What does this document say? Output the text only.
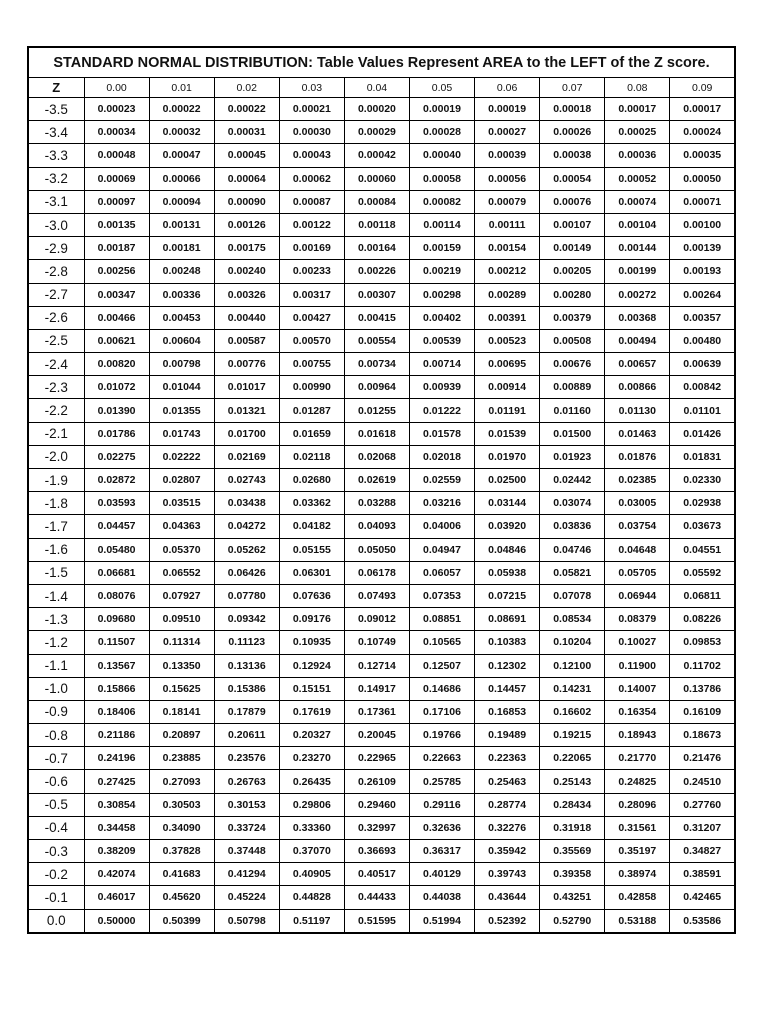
STANDARD NORMAL DISTRIBUTION: Table Values Represent AREA to the LEFT of the Z score.										
Z	0.00	0.01	0.02	0.03	0.04	0.05	0.06	0.07	0.08	0.09
-3.5	0.00023	0.00022	0.00022	0.00021	0.00020	0.00019	0.00019	0.00018	0.00017	0.00017
-3.4	0.00034	0.00032	0.00031	0.00030	0.00029	0.00028	0.00027	0.00026	0.00025	0.00024
-3.3	0.00048	0.00047	0.00045	0.00043	0.00042	0.00040	0.00039	0.00038	0.00036	0.00035
-3.2	0.00069	0.00066	0.00064	0.00062	0.00060	0.00058	0.00056	0.00054	0.00052	0.00050
-3.1	0.00097	0.00094	0.00090	0.00087	0.00084	0.00082	0.00079	0.00076	0.00074	0.00071
-3.0	0.00135	0.00131	0.00126	0.00122	0.00118	0.00114	0.00111	0.00107	0.00104	0.00100
-2.9	0.00187	0.00181	0.00175	0.00169	0.00164	0.00159	0.00154	0.00149	0.00144	0.00139
-2.8	0.00256	0.00248	0.00240	0.00233	0.00226	0.00219	0.00212	0.00205	0.00199	0.00193
-2.7	0.00347	0.00336	0.00326	0.00317	0.00307	0.00298	0.00289	0.00280	0.00272	0.00264
-2.6	0.00466	0.00453	0.00440	0.00427	0.00415	0.00402	0.00391	0.00379	0.00368	0.00357
-2.5	0.00621	0.00604	0.00587	0.00570	0.00554	0.00539	0.00523	0.00508	0.00494	0.00480
-2.4	0.00820	0.00798	0.00776	0.00755	0.00734	0.00714	0.00695	0.00676	0.00657	0.00639
-2.3	0.01072	0.01044	0.01017	0.00990	0.00964	0.00939	0.00914	0.00889	0.00866	0.00842
-2.2	0.01390	0.01355	0.01321	0.01287	0.01255	0.01222	0.01191	0.01160	0.01130	0.01101
-2.1	0.01786	0.01743	0.01700	0.01659	0.01618	0.01578	0.01539	0.01500	0.01463	0.01426
-2.0	0.02275	0.02222	0.02169	0.02118	0.02068	0.02018	0.01970	0.01923	0.01876	0.01831
-1.9	0.02872	0.02807	0.02743	0.02680	0.02619	0.02559	0.02500	0.02442	0.02385	0.02330
-1.8	0.03593	0.03515	0.03438	0.03362	0.03288	0.03216	0.03144	0.03074	0.03005	0.02938
-1.7	0.04457	0.04363	0.04272	0.04182	0.04093	0.04006	0.03920	0.03836	0.03754	0.03673
-1.6	0.05480	0.05370	0.05262	0.05155	0.05050	0.04947	0.04846	0.04746	0.04648	0.04551
-1.5	0.06681	0.06552	0.06426	0.06301	0.06178	0.06057	0.05938	0.05821	0.05705	0.05592
-1.4	0.08076	0.07927	0.07780	0.07636	0.07493	0.07353	0.07215	0.07078	0.06944	0.06811
-1.3	0.09680	0.09510	0.09342	0.09176	0.09012	0.08851	0.08691	0.08534	0.08379	0.08226
-1.2	0.11507	0.11314	0.11123	0.10935	0.10749	0.10565	0.10383	0.10204	0.10027	0.09853
-1.1	0.13567	0.13350	0.13136	0.12924	0.12714	0.12507	0.12302	0.12100	0.11900	0.11702
-1.0	0.15866	0.15625	0.15386	0.15151	0.14917	0.14686	0.14457	0.14231	0.14007	0.13786
-0.9	0.18406	0.18141	0.17879	0.17619	0.17361	0.17106	0.16853	0.16602	0.16354	0.16109
-0.8	0.21186	0.20897	0.20611	0.20327	0.20045	0.19766	0.19489	0.19215	0.18943	0.18673
-0.7	0.24196	0.23885	0.23576	0.23270	0.22965	0.22663	0.22363	0.22065	0.21770	0.21476
-0.6	0.27425	0.27093	0.26763	0.26435	0.26109	0.25785	0.25463	0.25143	0.24825	0.24510
-0.5	0.30854	0.30503	0.30153	0.29806	0.29460	0.29116	0.28774	0.28434	0.28096	0.27760
-0.4	0.34458	0.34090	0.33724	0.33360	0.32997	0.32636	0.32276	0.31918	0.31561	0.31207
-0.3	0.38209	0.37828	0.37448	0.37070	0.36693	0.36317	0.35942	0.35569	0.35197	0.34827
-0.2	0.42074	0.41683	0.41294	0.40905	0.40517	0.40129	0.39743	0.39358	0.38974	0.38591
-0.1	0.46017	0.45620	0.45224	0.44828	0.44433	0.44038	0.43644	0.43251	0.42858	0.42465
0.0	0.50000	0.50399	0.50798	0.51197	0.51595	0.51994	0.52392	0.52790	0.53188	0.53586
